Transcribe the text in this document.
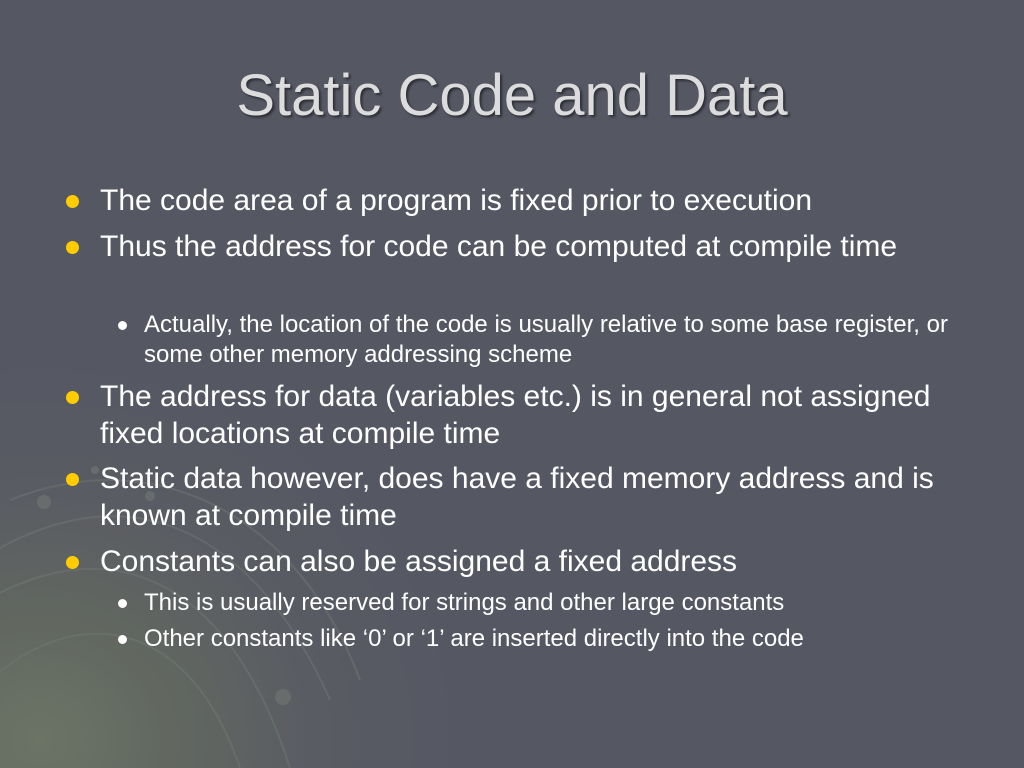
Static Code and Data
The code area of a program is fixed prior to execution
Thus the address for code can be computed at compile time
Actually, the location of the code is usually relative to some base register, or some other memory addressing scheme
The address for data (variables etc.) is in general not assigned fixed locations at compile time
Static data however, does have a fixed memory address and is known at compile time
Constants can also be assigned a fixed address
This is usually reserved for strings and other large constants
Other constants like ‘0’ or ‘1’ are inserted directly into the code
